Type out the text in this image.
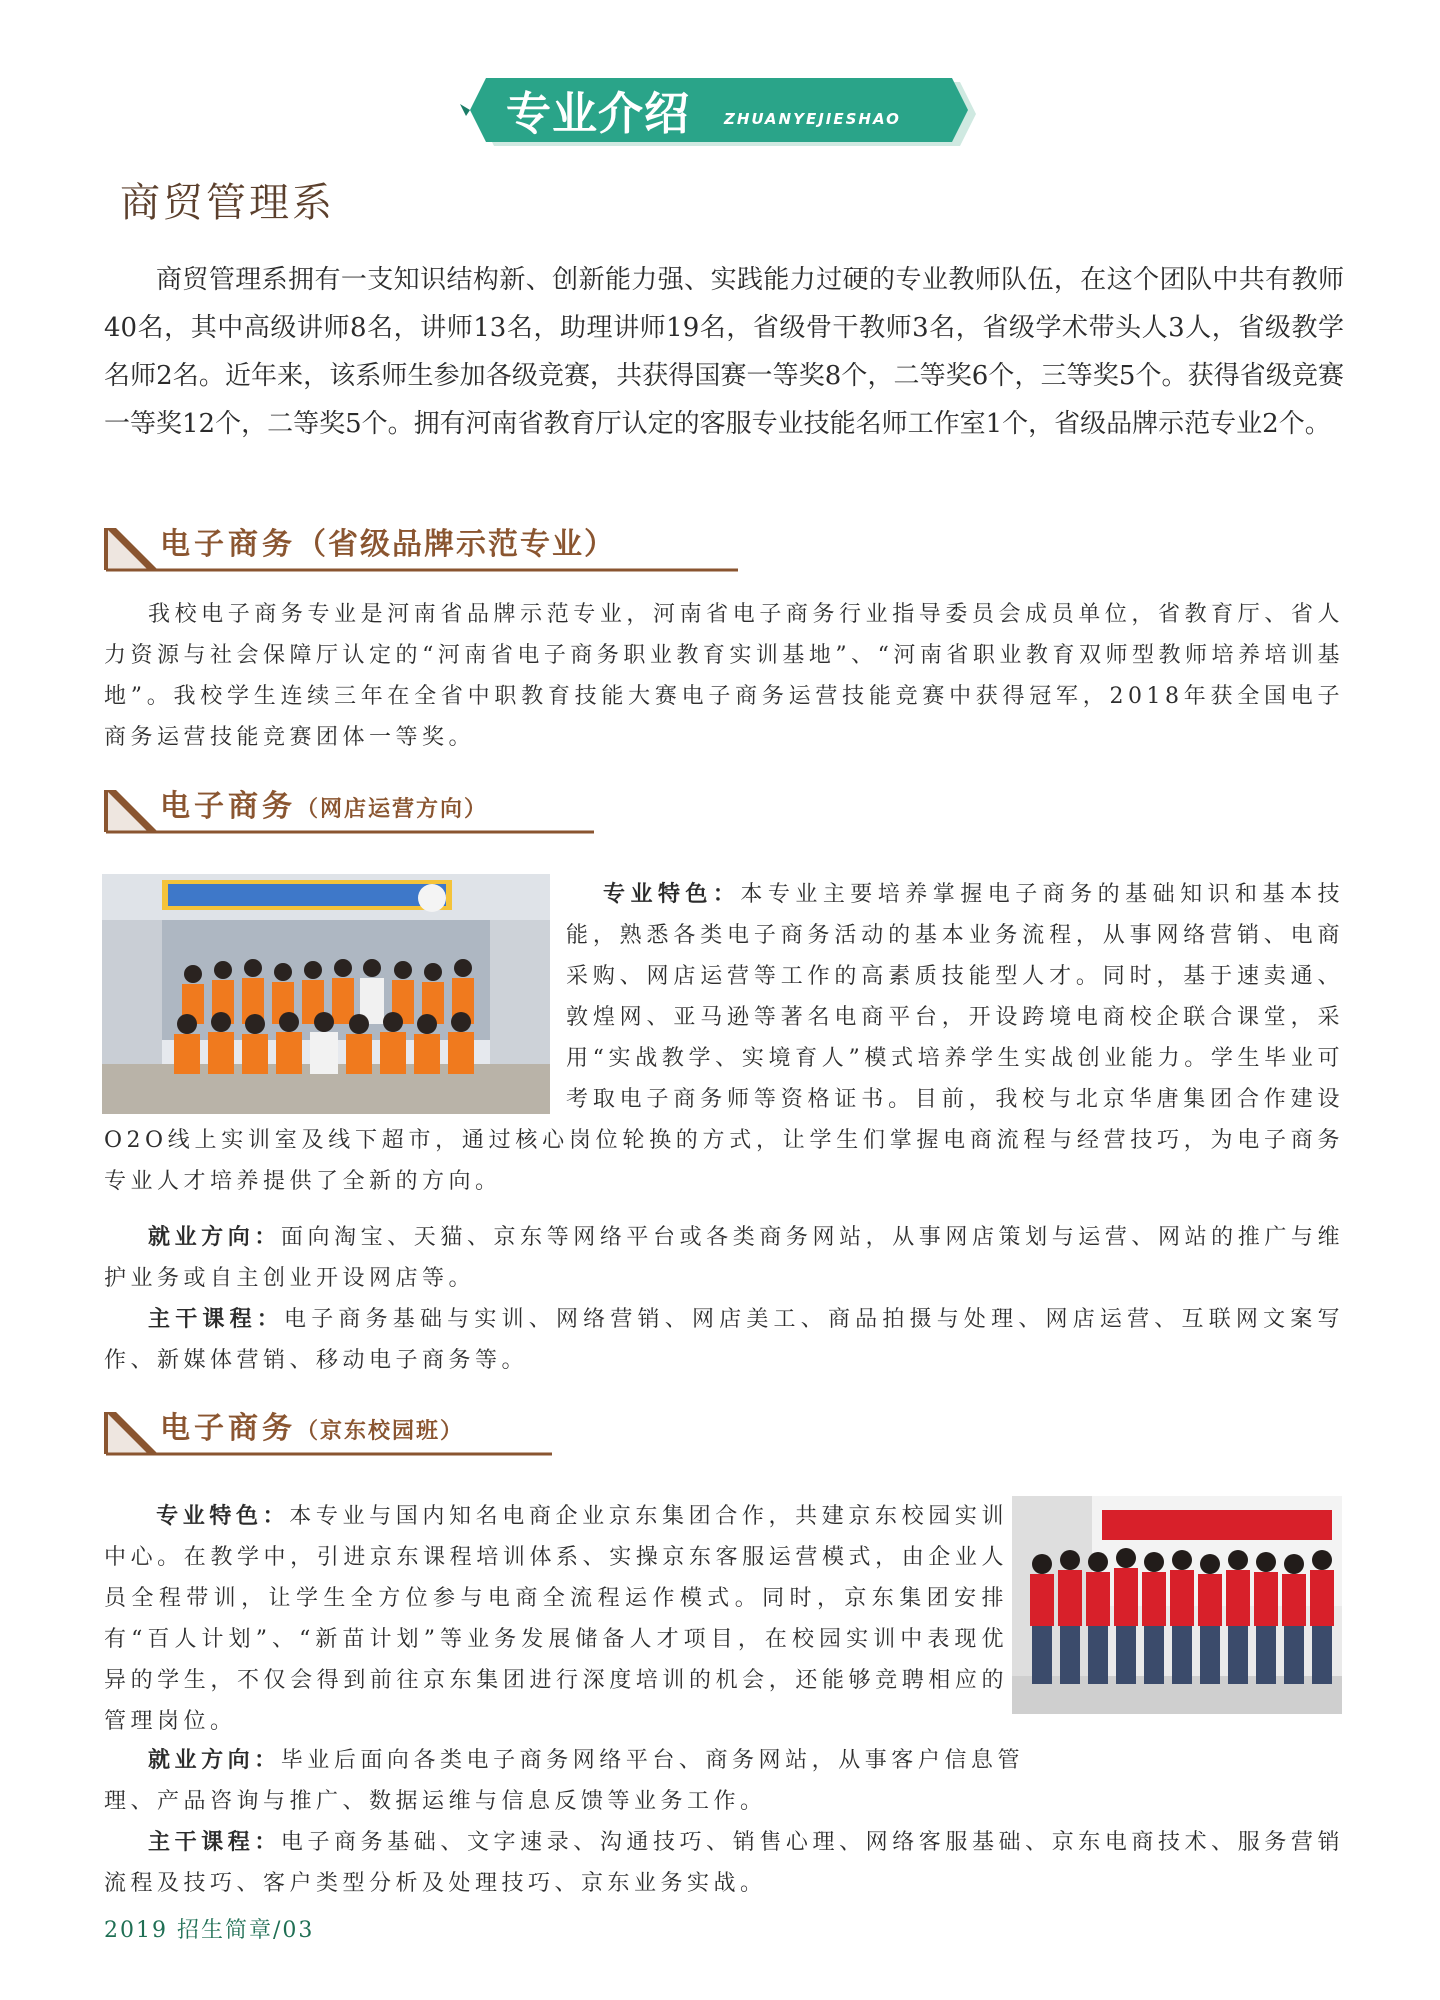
专业介绍 ZHUANYEJIESHAO
商贸管理系

商贸管理系拥有一支知识结构新、创新能力强、实践能力过硬的专业教师队伍，在这个团队中共有教师40名，其中高级讲师8名，讲师13名，助理讲师19名，省级骨干教师3名，省级学术带头人3人，省级教学名师2名。近年来，该系师生参加各级竞赛，共获得国赛一等奖8个，二等奖6个，三等奖5个。获得省级竞赛一等奖12个，二等奖5个。拥有河南省教育厅认定的客服专业技能名师工作室1个，省级品牌示范专业2个。

电子商务（省级品牌示范专业）

我校电子商务专业是河南省品牌示范专业，河南省电子商务行业指导委员会成员单位，省教育厅、省人力资源与社会保障厅认定的“河南省电子商务职业教育实训基地”、“河南省职业教育双师型教师培养培训基地”。我校学生连续三年在全省中职教育技能大赛电子商务运营技能竞赛中获得冠军，2018年获全国电子商务运营技能竞赛团体一等奖。

电子商务（网店运营方向）

专业特色：本专业主要培养掌握电子商务的基础知识和基本技能，熟悉各类电子商务活动的基本业务流程，从事网络营销、电商采购、网店运营等工作的高素质技能型人才。同时，基于速卖通、敦煌网、亚马逊等著名电商平台，开设跨境电商校企联合课堂，采用“实战教学、实境育人”模式培养学生实战创业能力。学生毕业可考取电子商务师等资格证书。目前，我校与北京华唐集团合作建设O2O线上实训室及线下超市，通过核心岗位轮换的方式，让学生们掌握电商流程与经营技巧，为电子商务专业人才培养提供了全新的方向。

就业方向：面向淘宝、天猫、京东等网络平台或各类商务网站，从事网店策划与运营、网站的推广与维护业务或自主创业开设网店等。

主干课程：电子商务基础与实训、网络营销、网店美工、商品拍摄与处理、网店运营、互联网文案写作、新媒体营销、移动电子商务等。

电子商务（京东校园班）

专业特色：本专业与国内知名电商企业京东集团合作，共建京东校园实训中心。在教学中，引进京东课程培训体系、实操京东客服运营模式，由企业人员全程带训，让学生全方位参与电商全流程运作模式。同时，京东集团安排有“百人计划”、“新苗计划”等业务发展储备人才项目，在校园实训中表现优异的学生，不仅会得到前往京东集团进行深度培训的机会，还能够竞聘相应的管理岗位。

就业方向：毕业后面向各类电子商务网络平台、商务网站，从事客户信息管理、产品咨询与推广、数据运维与信息反馈等业务工作。

主干课程：电子商务基础、文字速录、沟通技巧、销售心理、网络客服基础、京东电商技术、服务营销流程及技巧、客户类型分析及处理技巧、京东业务实战。

2019 招生简章/03
